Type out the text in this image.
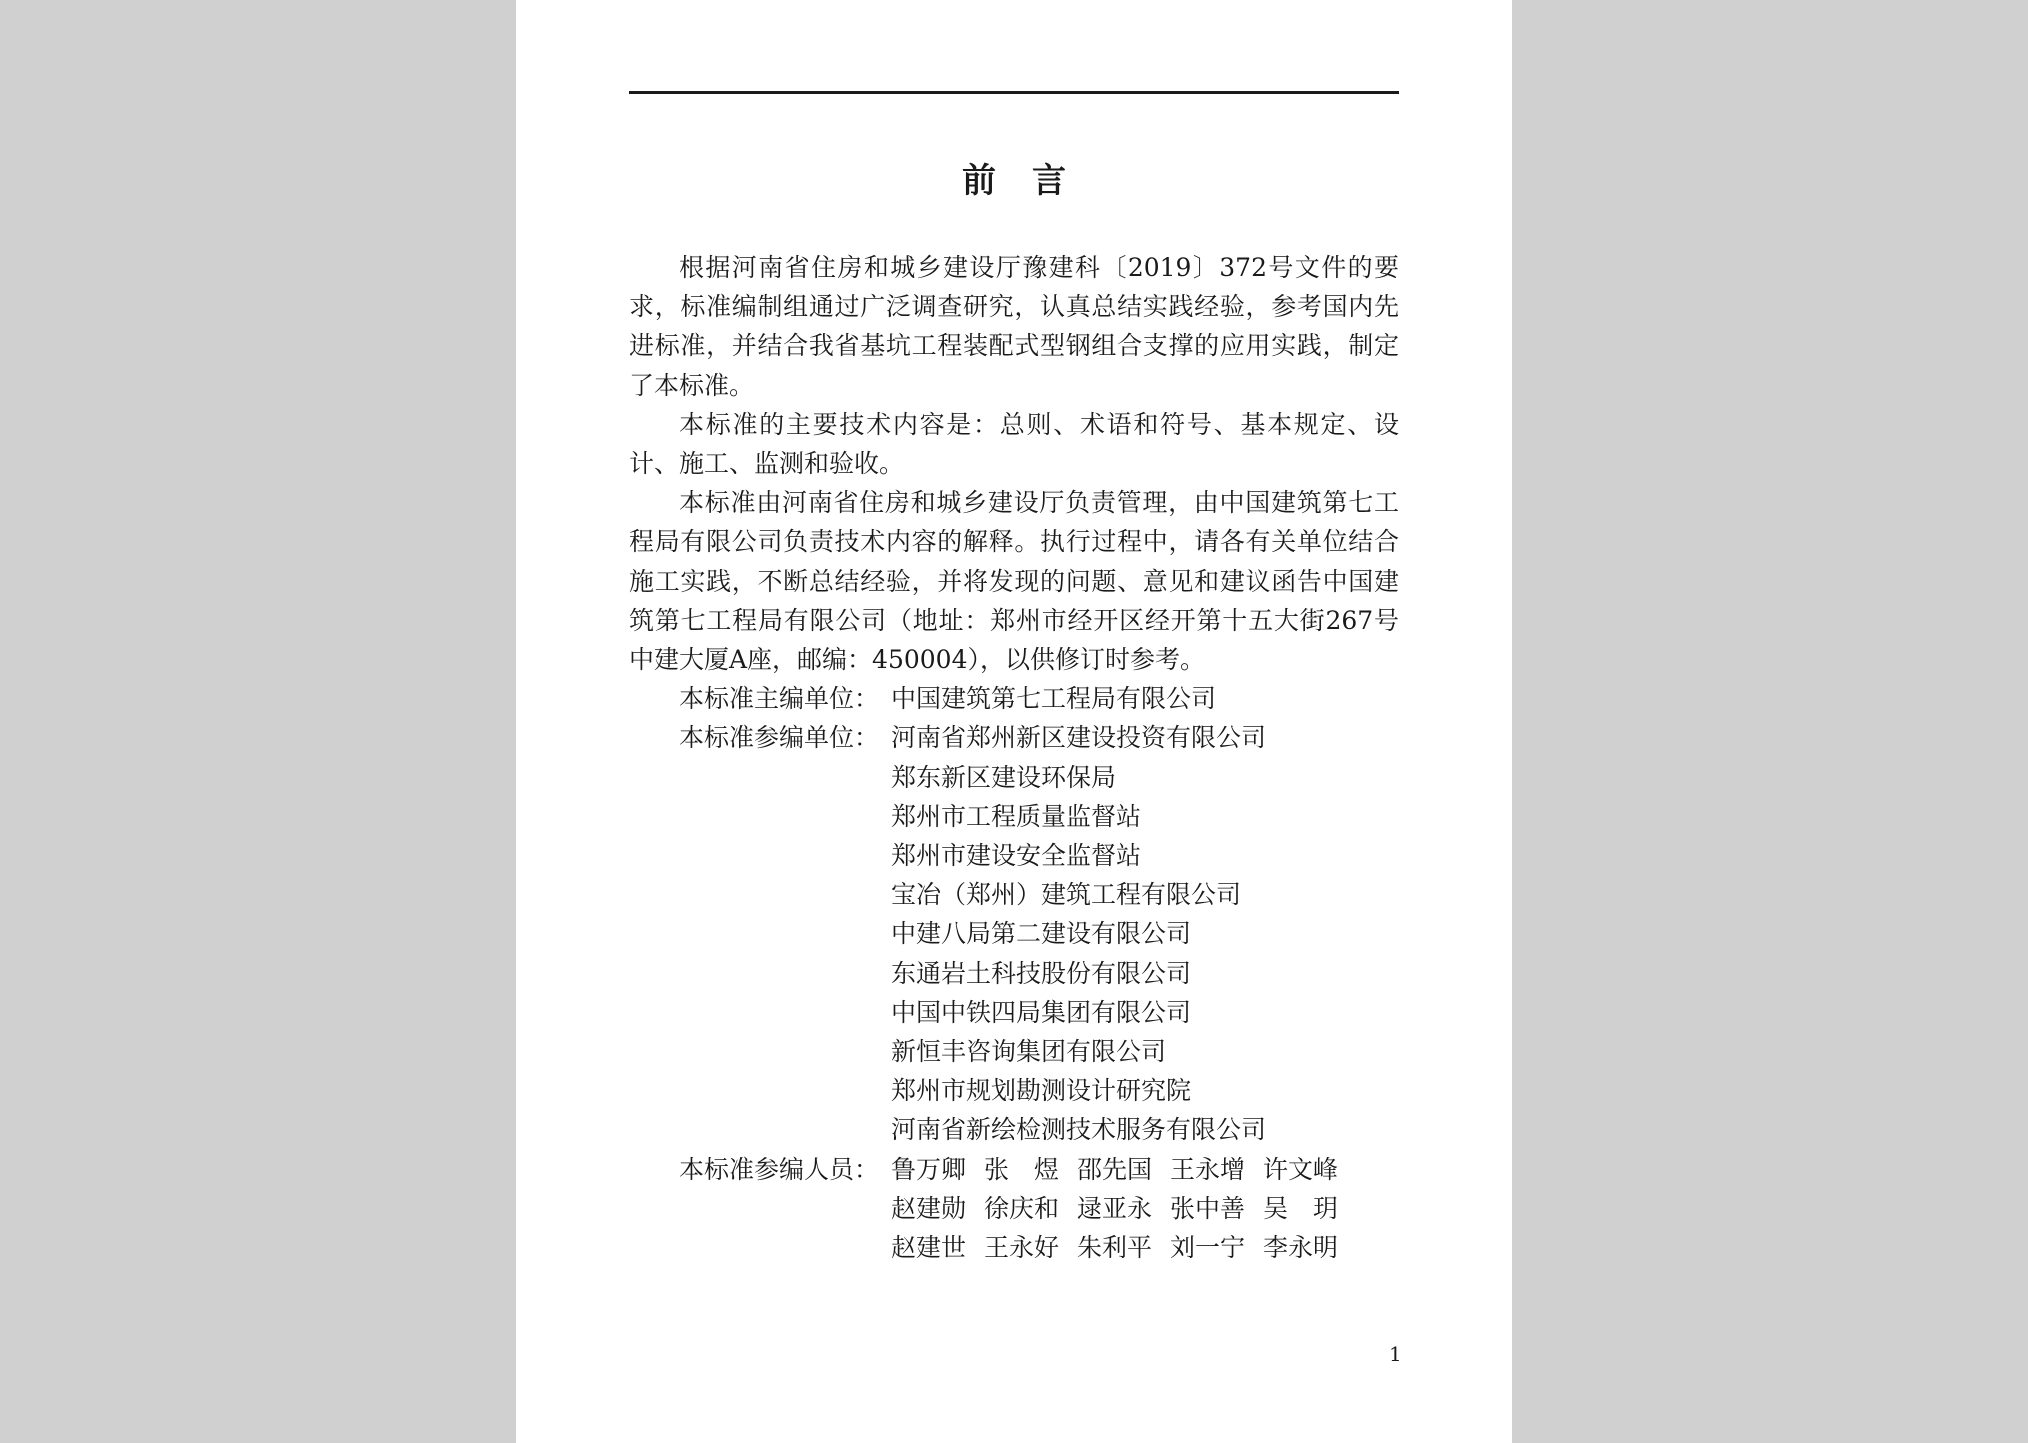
前言

根据河南省住房和城乡建设厅豫建科〔2019〕372号文件的要求，标准编制组通过广泛调查研究，认真总结实践经验，参考国内先进标准，并结合我省基坑工程装配式型钢组合支撑的应用实践，制定了本标准。

本标准的主要技术内容是：总则、术语和符号、基本规定、设计、施工、监测和验收。

本标准由河南省住房和城乡建设厅负责管理，由中国建筑第七工程局有限公司负责技术内容的解释。执行过程中，请各有关单位结合施工实践，不断总结经验，并将发现的问题、意见和建议函告中国建筑第七工程局有限公司（地址：郑州市经开区经开第十五大街267号中建大厦A座，邮编：450004），以供修订时参考。

本标准主编单位： 中国建筑第七工程局有限公司
本标准参编单位： 河南省郑州新区建设投资有限公司
郑东新区建设环保局
郑州市工程质量监督站
郑州市建设安全监督站
宝冶（郑州）建筑工程有限公司
中建八局第二建设有限公司
东通岩土科技股份有限公司
中国中铁四局集团有限公司
新恒丰咨询集团有限公司
郑州市规划勘测设计研究院
河南省新绘检测技术服务有限公司
本标准参编人员： 鲁万卿 张　煜 邵先国 王永增 许文峰
赵建勋 徐庆和 逯亚永 张中善 吴　玥
赵建世 王永好 朱利平 刘一宁 李永明
1
